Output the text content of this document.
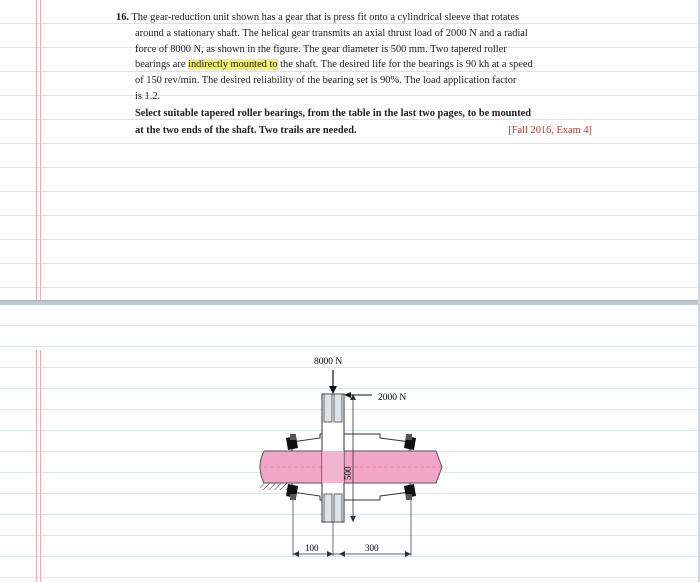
16. The gear-reduction unit shown has a gear that is press fit onto a cylindrical sleeve that rotates
around a stationary shaft. The helical gear transmits an axial thrust load of 2000 N and a radial
force of 8000 N, as shown in the figure. The gear diameter is 500 mm. Two tapered roller
bearings are indirectly mounted to the shaft. The desired life for the bearings is 90 kh at a speed
of 150 rev/min. The desired reliability of the bearing set is 90%. The load application factor
is 1.2.
Select suitable tapered roller bearings, from the table in the last two pages, to be mounted
at the two ends of the shaft. Two trails are needed.	[Fall 2016, Exam 4]
8000 N
2000 N
500
100	300
